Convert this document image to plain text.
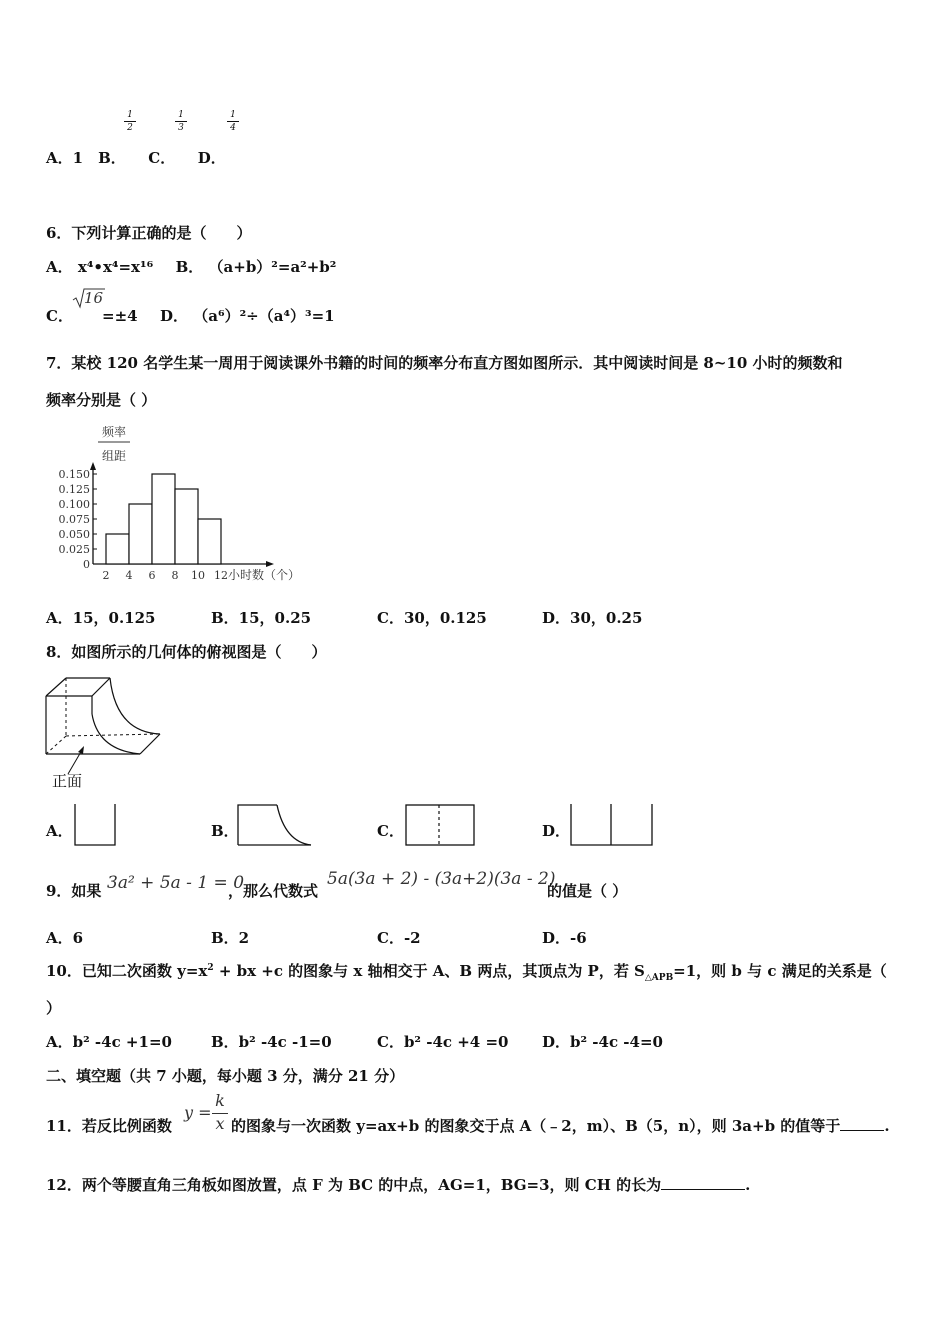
1
2
1
3
1
4
A．1　B．　　C．　　D．
6．下列计算正确的是（　　）
A． x⁴•x⁴=x¹⁶ B． （a+b）²=a²+b²
C．
16
=±4 D． （a⁶）²÷（a⁴）³=1
7．某校 120 名学生某一周用于阅读课外书籍的时间的频率分布直方图如图所示．其中阅读时间是 8~10 小时的频数和
频率分别是（ ）
频率
组距
0
0.025
0.050
0.075
0.100
0.125
0.150
2 4 6 8 10 12 小时数（个）
A．15，0.125	B．15，0.25	C．30，0.125	D．30，0.25
8．如图所示的几何体的俯视图是（　　）
正面
A．	B．	C．	D．
9．如果 3a² + 5a - 1 = 0
，那么代数式
5a(3a + 2) - (3a+2)(3a - 2)
的值是（ ）
A．6	B．2	C．-2	D．-6
10．已知二次函数 $y=x^2$ + bx +c 的图象与 x 轴相交于 A、B 两点，其顶点为 P，若 $S_{\triangle APB}=1$，则 b 与 c 满足的关系是（
）
A．b² -4c +1=0	B．b² -4c -1=0	C．b² -4c +4 =0 D．b² -4c -4=0
二、填空题（共 7 小题，每小题 3 分，满分 21 分）
11．若反比例函数
y =
k
x 的图象与一次函数 y=ax+b 的图象交于点 A（﹣2，m）、B（5，n），则 3a+b 的值等于	.
12．两个等腰直角三角板如图放置，点 F 为 BC 的中点，AG=1，BG=3，则 CH 的长为	.
